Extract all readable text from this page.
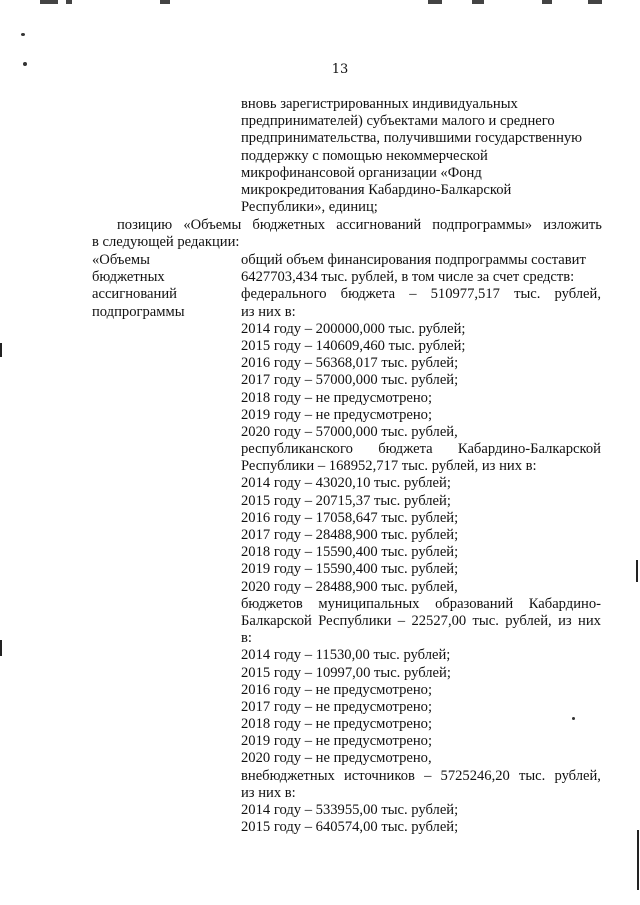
13
вновь зарегистрированных индивидуальных
предпринимателей) субъектами малого и среднего
предпринимательства, получившими государственную
поддержку с помощью некоммерческой
микрофинансовой организации «Фонд
микрокредитования Кабардино-Балкарской
Республики», единиц;
позицию «Объемы бюджетных ассигнований подпрограммы» изложить
в следующей редакции:
«Объемы
бюджетных
ассигнований
подпрограммы
общий объем финансирования подпрограммы составит
6427703,434 тыс. рублей, в том числе за счет средств:
федерального бюджета – 510977,517 тыс. рублей,
из них в:
2014 году – 200000,000 тыс. рублей;
2015 году – 140609,460 тыс. рублей;
2016 году – 56368,017 тыс. рублей;
2017 году – 57000,000 тыс. рублей;
2018 году – не предусмотрено;
2019 году – не предусмотрено;
2020 году – 57000,000 тыс. рублей,
республиканского бюджета Кабардино-Балкарской
Республики – 168952,717 тыс. рублей, из них в:
2014 году – 43020,10 тыс. рублей;
2015 году – 20715,37 тыс. рублей;
2016 году – 17058,647 тыс. рублей;
2017 году – 28488,900 тыс. рублей;
2018 году – 15590,400 тыс. рублей;
2019 году – 15590,400 тыс. рублей;
2020 году – 28488,900 тыс. рублей,
бюджетов муниципальных образований Кабардино-
Балкарской Республики – 22527,00 тыс. рублей, из них
в:
2014 году – 11530,00 тыс. рублей;
2015 году – 10997,00 тыс. рублей;
2016 году – не предусмотрено;
2017 году – не предусмотрено;
2018 году – не предусмотрено;
2019 году – не предусмотрено;
2020 году – не предусмотрено,
внебюджетных источников – 5725246,20 тыс. рублей,
из них в:
2014 году – 533955,00 тыс. рублей;
2015 году – 640574,00 тыс. рублей;
